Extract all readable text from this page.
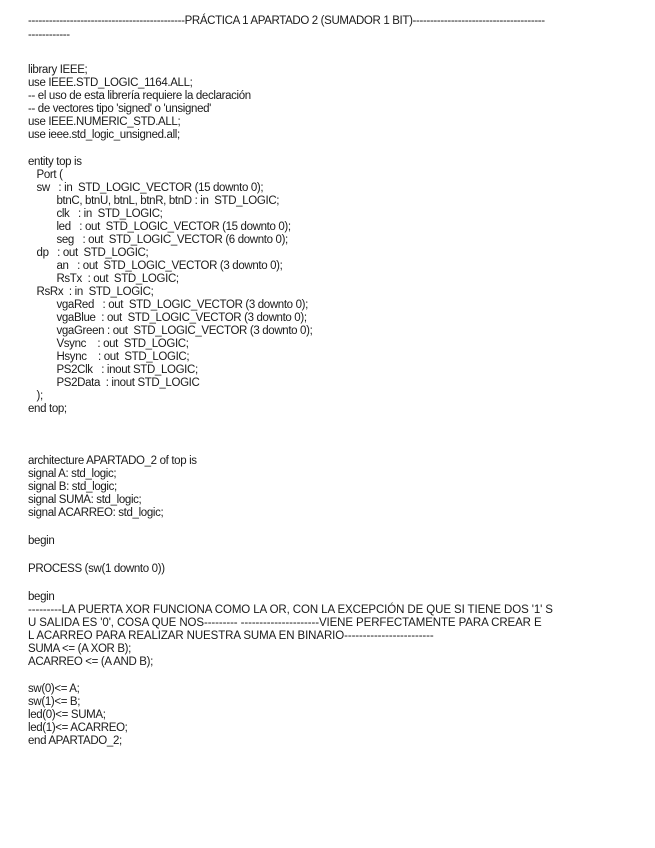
---------------------------------------------PRÁCTICA 1 APARTADO 2 (SUMADOR 1 BIT)--------------------------------------

------------

library IEEE;

use IEEE.STD_LOGIC_1164.ALL;

-- el uso de esta librería requiere la declaración

-- de vectores tipo 'signed' o 'unsigned'

use IEEE.NUMERIC_STD.ALL;

use ieee.std_logic_unsigned.all;

entity top is

Port (

sw   : in  STD_LOGIC_VECTOR (15 downto 0);

btnC, btnU, btnL, btnR, btnD : in  STD_LOGIC;

clk   : in  STD_LOGIC;

led   : out  STD_LOGIC_VECTOR (15 downto 0);

seg   : out  STD_LOGIC_VECTOR (6 downto 0);

dp   : out  STD_LOGIC;

an   : out  STD_LOGIC_VECTOR (3 downto 0);

RsTx  : out  STD_LOGIC;

RsRx  : in  STD_LOGIC;

vgaRed   : out  STD_LOGIC_VECTOR (3 downto 0);

vgaBlue  : out  STD_LOGIC_VECTOR (3 downto 0);

vgaGreen : out  STD_LOGIC_VECTOR (3 downto 0);

Vsync    : out  STD_LOGIC;

Hsync    : out  STD_LOGIC;

PS2Clk   : inout STD_LOGIC;

PS2Data  : inout STD_LOGIC

);

end top;

architecture APARTADO_2 of top is

signal A: std_logic;

signal B: std_logic;

signal SUMA: std_logic;

signal ACARREO: std_logic;

begin

PROCESS (sw(1 downto 0))

begin

---------LA PUERTA XOR FUNCIONA COMO LA OR, CON LA EXCEPCIÓN DE QUE SI TIENE DOS '1' S

U SALIDA ES '0', COSA QUE NOS--------- ---------------------VIENE PERFECTAMENTE PARA CREAR E

L ACARREO PARA REALIZAR NUESTRA SUMA EN BINARIO------------------------

SUMA <= (A XOR B);

ACARREO <= (A AND B);

sw(0)<= A;

sw(1)<= B;

led(0)<= SUMA;

led(1)<= ACARREO;

end APARTADO_2;
